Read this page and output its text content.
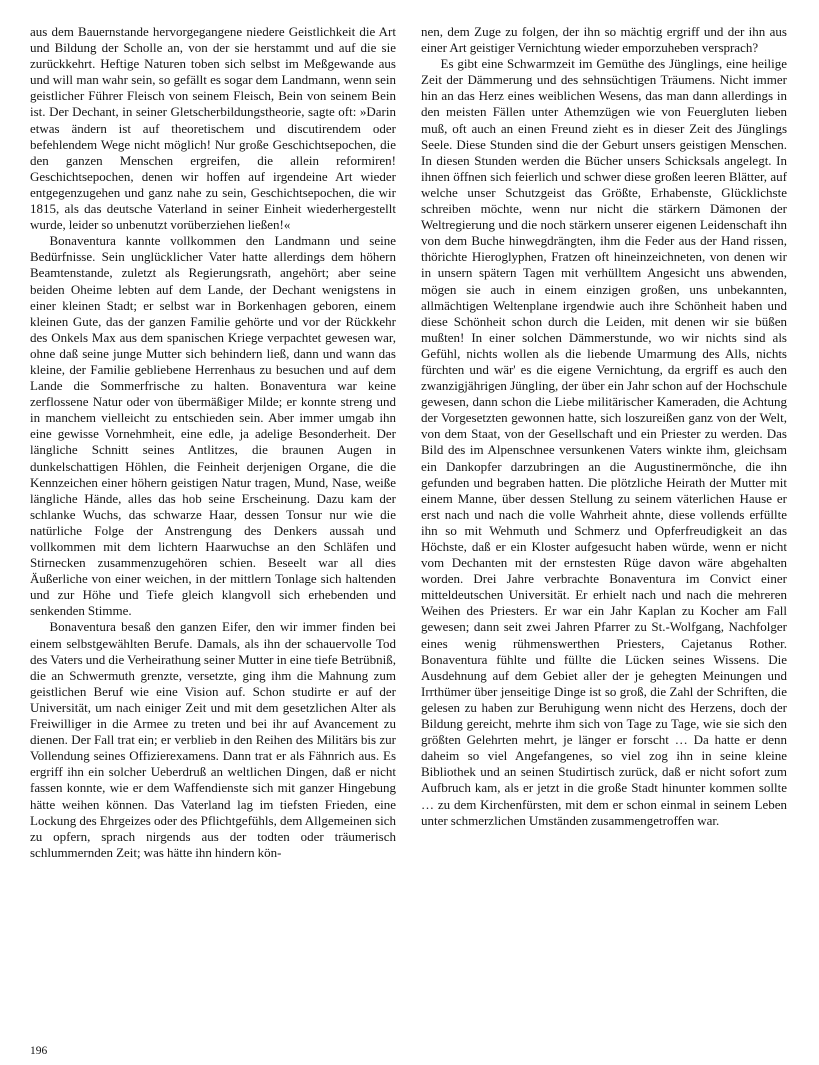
aus dem Bauernstande hervorgegangene niedere Geistlichkeit die Art und Bildung der Scholle an, von der sie herstammt und auf die sie zurückkehrt. Heftige Naturen toben sich selbst im Meßgewande aus und will man wahr sein, so gefällt es sogar dem Landmann, wenn sein geistlicher Führer Fleisch von seinem Fleisch, Bein von seinem Bein ist. Der Dechant, in seiner Gletscherbildungstheorie, sagte oft: »Darin etwas ändern ist auf theoretischem und discutirendem oder befehlendem Wege nicht möglich! Nur große Geschichtsepochen, die den ganzen Menschen ergreifen, die allein reformiren! Geschichtsepochen, denen wir hoffen auf irgendeine Art wieder entgegenzugehen und ganz nahe zu sein, Geschichtsepochen, die wir 1815, als das deutsche Vaterland in seiner Einheit wiederhergestellt wurde, leider so unbenutzt vorüberziehen ließen!«

Bonaventura kannte vollkommen den Landmann und seine Bedürfnisse. Sein unglücklicher Vater hatte allerdings dem höhern Beamtenstande, zuletzt als Regierungsrath, angehört; aber seine beiden Oheime lebten auf dem Lande, der Dechant wenigstens in einer kleinen Stadt; er selbst war in Borkenhagen geboren, einem kleinen Gute, das der ganzen Familie gehörte und vor der Rückkehr des Onkels Max aus dem spanischen Kriege verpachtet gewesen war, ohne daß seine junge Mutter sich behindern ließ, dann und wann das kleine, der Familie gebliebene Herrenhaus zu besuchen und auf dem Lande die Sommerfrische zu halten. Bonaventura war keine zerflossene Natur oder von übermäßiger Milde; er konnte streng und in manchem vielleicht zu entschieden sein. Aber immer umgab ihn eine gewisse Vornehmheit, eine edle, ja adelige Besonderheit. Der längliche Schnitt seines Antlitzes, die braunen Augen in dunkelschattigen Höhlen, die Feinheit derjenigen Organe, die die Kennzeichen einer höhern geistigen Natur tragen, Mund, Nase, weiße längliche Hände, alles das hob seine Erscheinung. Dazu kam der schlanke Wuchs, das schwarze Haar, dessen Tonsur nur wie die natürliche Folge der Anstrengung des Denkers aussah und vollkommen mit dem lichtern Haarwuchse an den Schläfen und Stirnecken zusammenzugehören schien. Beseelt war all dies Äußerliche von einer weichen, in der mittlern Tonlage sich haltenden und zur Höhe und Tiefe gleich klangvoll sich erhebenden und senkenden Stimme.

Bonaventura besaß den ganzen Eifer, den wir immer finden bei einem selbstgewählten Berufe. Damals, als ihn der schauervolle Tod des Vaters und die Verheirathung seiner Mutter in eine tiefe Betrübniß, die an Schwermuth grenzte, versetzte, ging ihm die Mahnung zum geistlichen Beruf wie eine Vision auf. Schon studirte er auf der Universität, um nach einiger Zeit und mit dem gesetzlichen Alter als Freiwilliger in die Armee zu treten und bei ihr auf Avancement zu dienen. Der Fall trat ein; er verblieb in den Reihen des Militärs bis zur Vollendung seines Offizierexamens. Dann trat er als Fähnrich aus. Es ergriff ihn ein solcher Ueberdruß an weltlichen Dingen, daß er nicht fassen konnte, wie er dem Waffendienste sich mit ganzer Hingebung hätte weihen können. Das Vaterland lag im tiefsten Frieden, eine Lockung des Ehrgeizes oder des Pflichtgefühls, dem Allgemeinen sich zu opfern, sprach nirgends aus der todten oder träumerisch schlummernden Zeit; was hätte ihn hindern kön-

nen, dem Zuge zu folgen, der ihn so mächtig ergriff und der ihn aus einer Art geistiger Vernichtung wieder emporzuheben versprach?

Es gibt eine Schwarmzeit im Gemüthe des Jünglings, eine heilige Zeit der Dämmerung und des sehnsüchtigen Träumens. Nicht immer hin an das Herz eines weiblichen Wesens, das man dann allerdings in den meisten Fällen unter Athemzügen wie von Feuergluten lieben muß, oft auch an einen Freund zieht es in dieser Zeit des Jünglings Seele. Diese Stunden sind die der Geburt unsers geistigen Menschen. In diesen Stunden werden die Bücher unsers Schicksals angelegt. In ihnen öffnen sich feierlich und schwer diese großen leeren Blätter, auf welche unser Schutzgeist das Größte, Erhabenste, Glücklichste schreiben möchte, wenn nur nicht die stärkern Dämonen der Weltregierung und die noch stärkern unserer eigenen Leidenschaft ihn von dem Buche hinwegdrängten, ihm die Feder aus der Hand rissen, thörichte Hieroglyphen, Fratzen oft hineinzeichneten, von denen wir in unsern spätern Tagen mit verhülltem Angesicht uns abwenden, mögen sie auch in einem einzigen großen, uns unbekannten, allmächtigen Weltenplane irgendwie auch ihre Schönheit haben und diese Schönheit schon durch die Leiden, mit denen wir sie büßen mußten! In einer solchen Dämmerstunde, wo wir nichts sind als Gefühl, nichts wollen als die liebende Umarmung des Alls, nichts fürchten und wär' es die eigene Vernichtung, da ergriff es auch den zwanzigjährigen Jüngling, der über ein Jahr schon auf der Hochschule gewesen, dann schon die Liebe militärischer Kameraden, die Achtung der Vorgesetzten gewonnen hatte, sich loszureißen ganz von der Welt, von dem Staat, von der Gesellschaft und ein Priester zu werden. Das Bild des im Alpenschnee versunkenen Vaters winkte ihm, gleichsam ein Dankopfer darzubringen an die Augustinermönche, die ihn gefunden und begraben hatten. Die plötzliche Heirath der Mutter mit einem Manne, über dessen Stellung zu seinem väterlichen Hause er erst nach und nach die volle Wahrheit ahnte, diese vollends erfüllte ihn so mit Wehmuth und Schmerz und Opferfreudigkeit an das Höchste, daß er ein Kloster aufgesucht haben würde, wenn er nicht vom Dechanten mit der ernstesten Rüge davon wäre abgehalten worden. Drei Jahre verbrachte Bonaventura im Convict einer mitteldeutschen Universität. Er erhielt nach und nach die mehreren Weihen des Priesters. Er war ein Jahr Kaplan zu Kocher am Fall gewesen; dann seit zwei Jahren Pfarrer zu St.-Wolfgang, Nachfolger eines wenig rühmenswerthen Priesters, Cajetanus Rother. Bonaventura fühlte und füllte die Lücken seines Wissens. Die Ausdehnung auf dem Gebiet aller der je gehegten Meinungen und Irrthümer über jenseitige Dinge ist so groß, die Zahl der Schriften, die gelesen zu haben zur Beruhigung wenn nicht des Herzens, doch der Bildung gereicht, mehrte ihm sich von Tage zu Tage, wie sie sich den größten Gelehrten mehrt, je länger er forscht … Da hatte er denn daheim so viel Angefangenes, so viel zog ihn in seine kleine Bibliothek und an seinen Studirtisch zurück, daß er nicht sofort zum Aufbruch kam, als er jetzt in die große Stadt hinunter kommen sollte … zu dem Kirchenfürsten, mit dem er schon einmal in seinem Leben unter schmerzlichen Umständen zusammengetroffen war.

196
